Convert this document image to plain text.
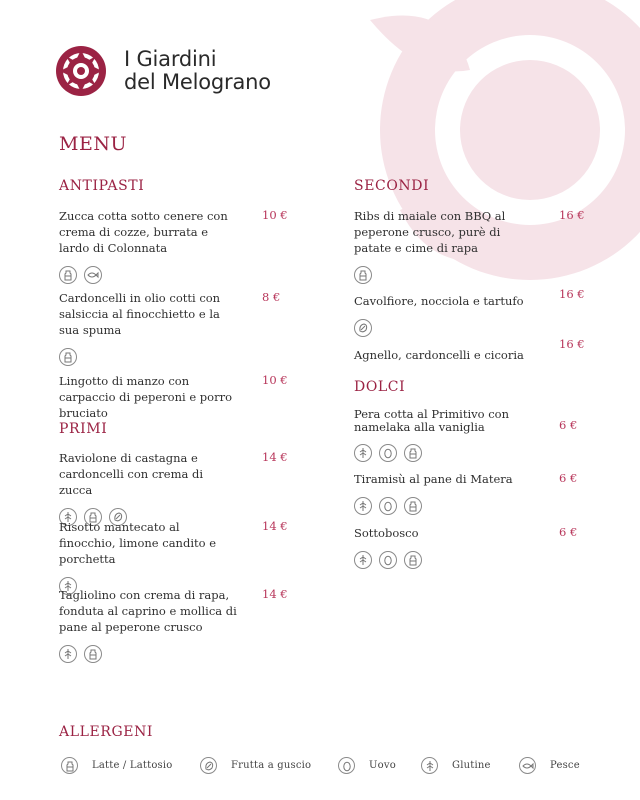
I Giardini
del Melograno
MENU
ANTIPASTI
Zucca cotta sotto cenere con crema di cozze, burrata e lardo di Colonnata
10 €
Cardoncelli in olio cotti con salsiccia al finocchietto e la sua spuma
8 €
Lingotto di manzo con carpaccio di peperoni e porro bruciato
10 €
PRIMI
Raviolone di castagna e cardoncelli con crema di zucca
14 €
Risotto mantecato al finocchio, limone candito e porchetta
14 €
Tagliolino con crema di rapa, fonduta al caprino e mollica di pane al peperone crusco
14 €
SECONDI
Ribs di maiale con BBQ al peperone crusco, purè di patate e cime di rapa
16 €
Cavolfiore, nocciola e tartufo	16 €
Agnello, cardoncelli e cicoria
16 €
DOLCI
Pera cotta al Primitivo con namelaka alla vaniglia	6 €
Tiramisù al pane di Matera	6 €
Sottobosco	6 €
ALLERGENI
Latte / Lattosio	Frutta a guscio	Uovo	Glutine	Pesce
